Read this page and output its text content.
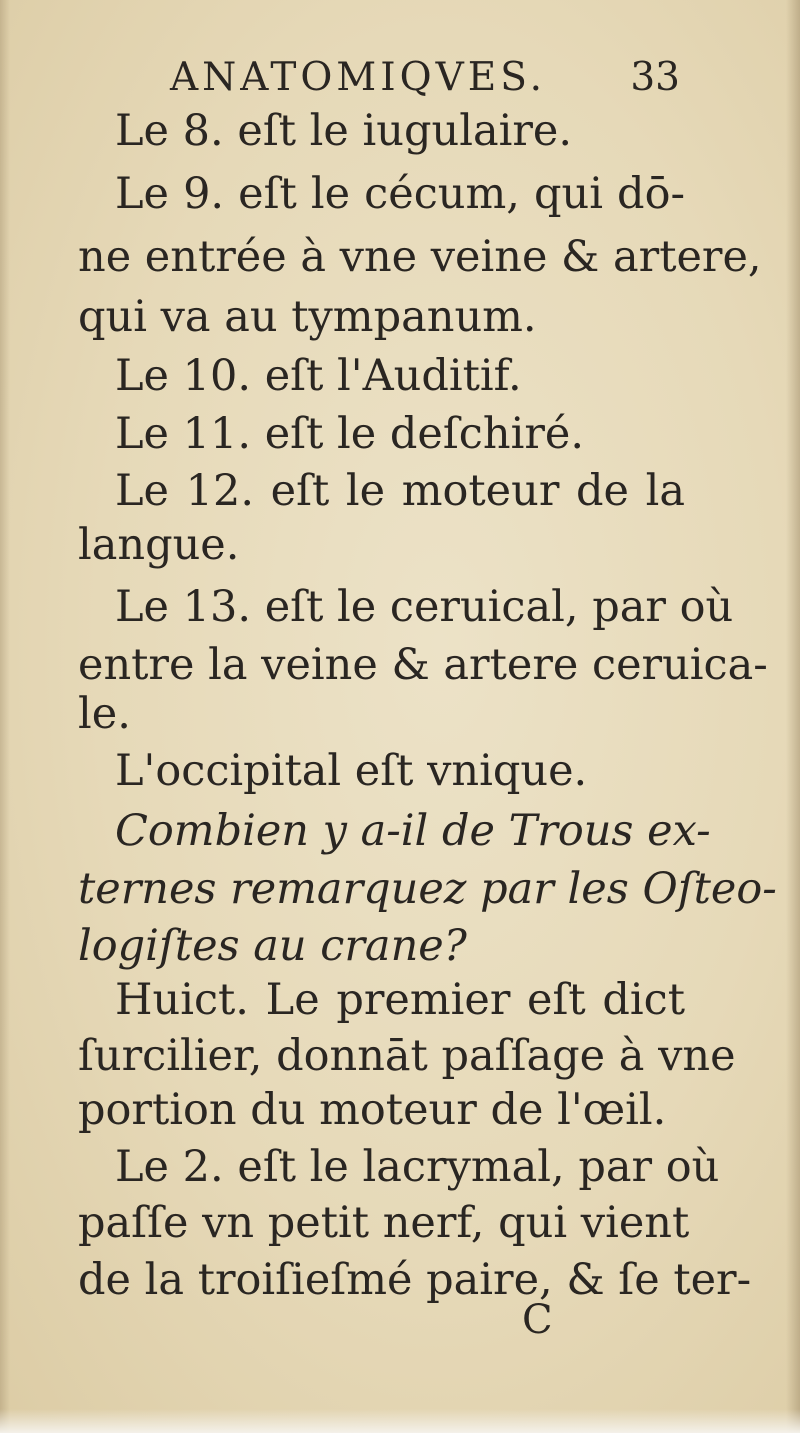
ANATOMIQVES. 33
Le 8. eſt le iugulaire.
Le 9. eſt le cécum, qui dō-
ne entrée à vne veine & artere,
qui va au tympanum.
Le 10. eſt l'Auditif.
Le 11. eſt le deſchiré.
Le 12. eſt le moteur de la
langue.
Le 13. eſt le ceruical, par où
entre la veine & artere ceruica-
le.
L'occipital eſt vnique.
Combien y a-il de Trous ex-
ternes remarquez par les Oſteo-
logiſtes au crane?
Huict. Le premier eſt dict
ſurcilier, donnāt paſſage à vne
portion du moteur de l'œil.
Le 2. eſt le lacrymal, par où
paſſe vn petit nerf, qui vient
de la troiſieſmé paire, & ſe ter-
C
